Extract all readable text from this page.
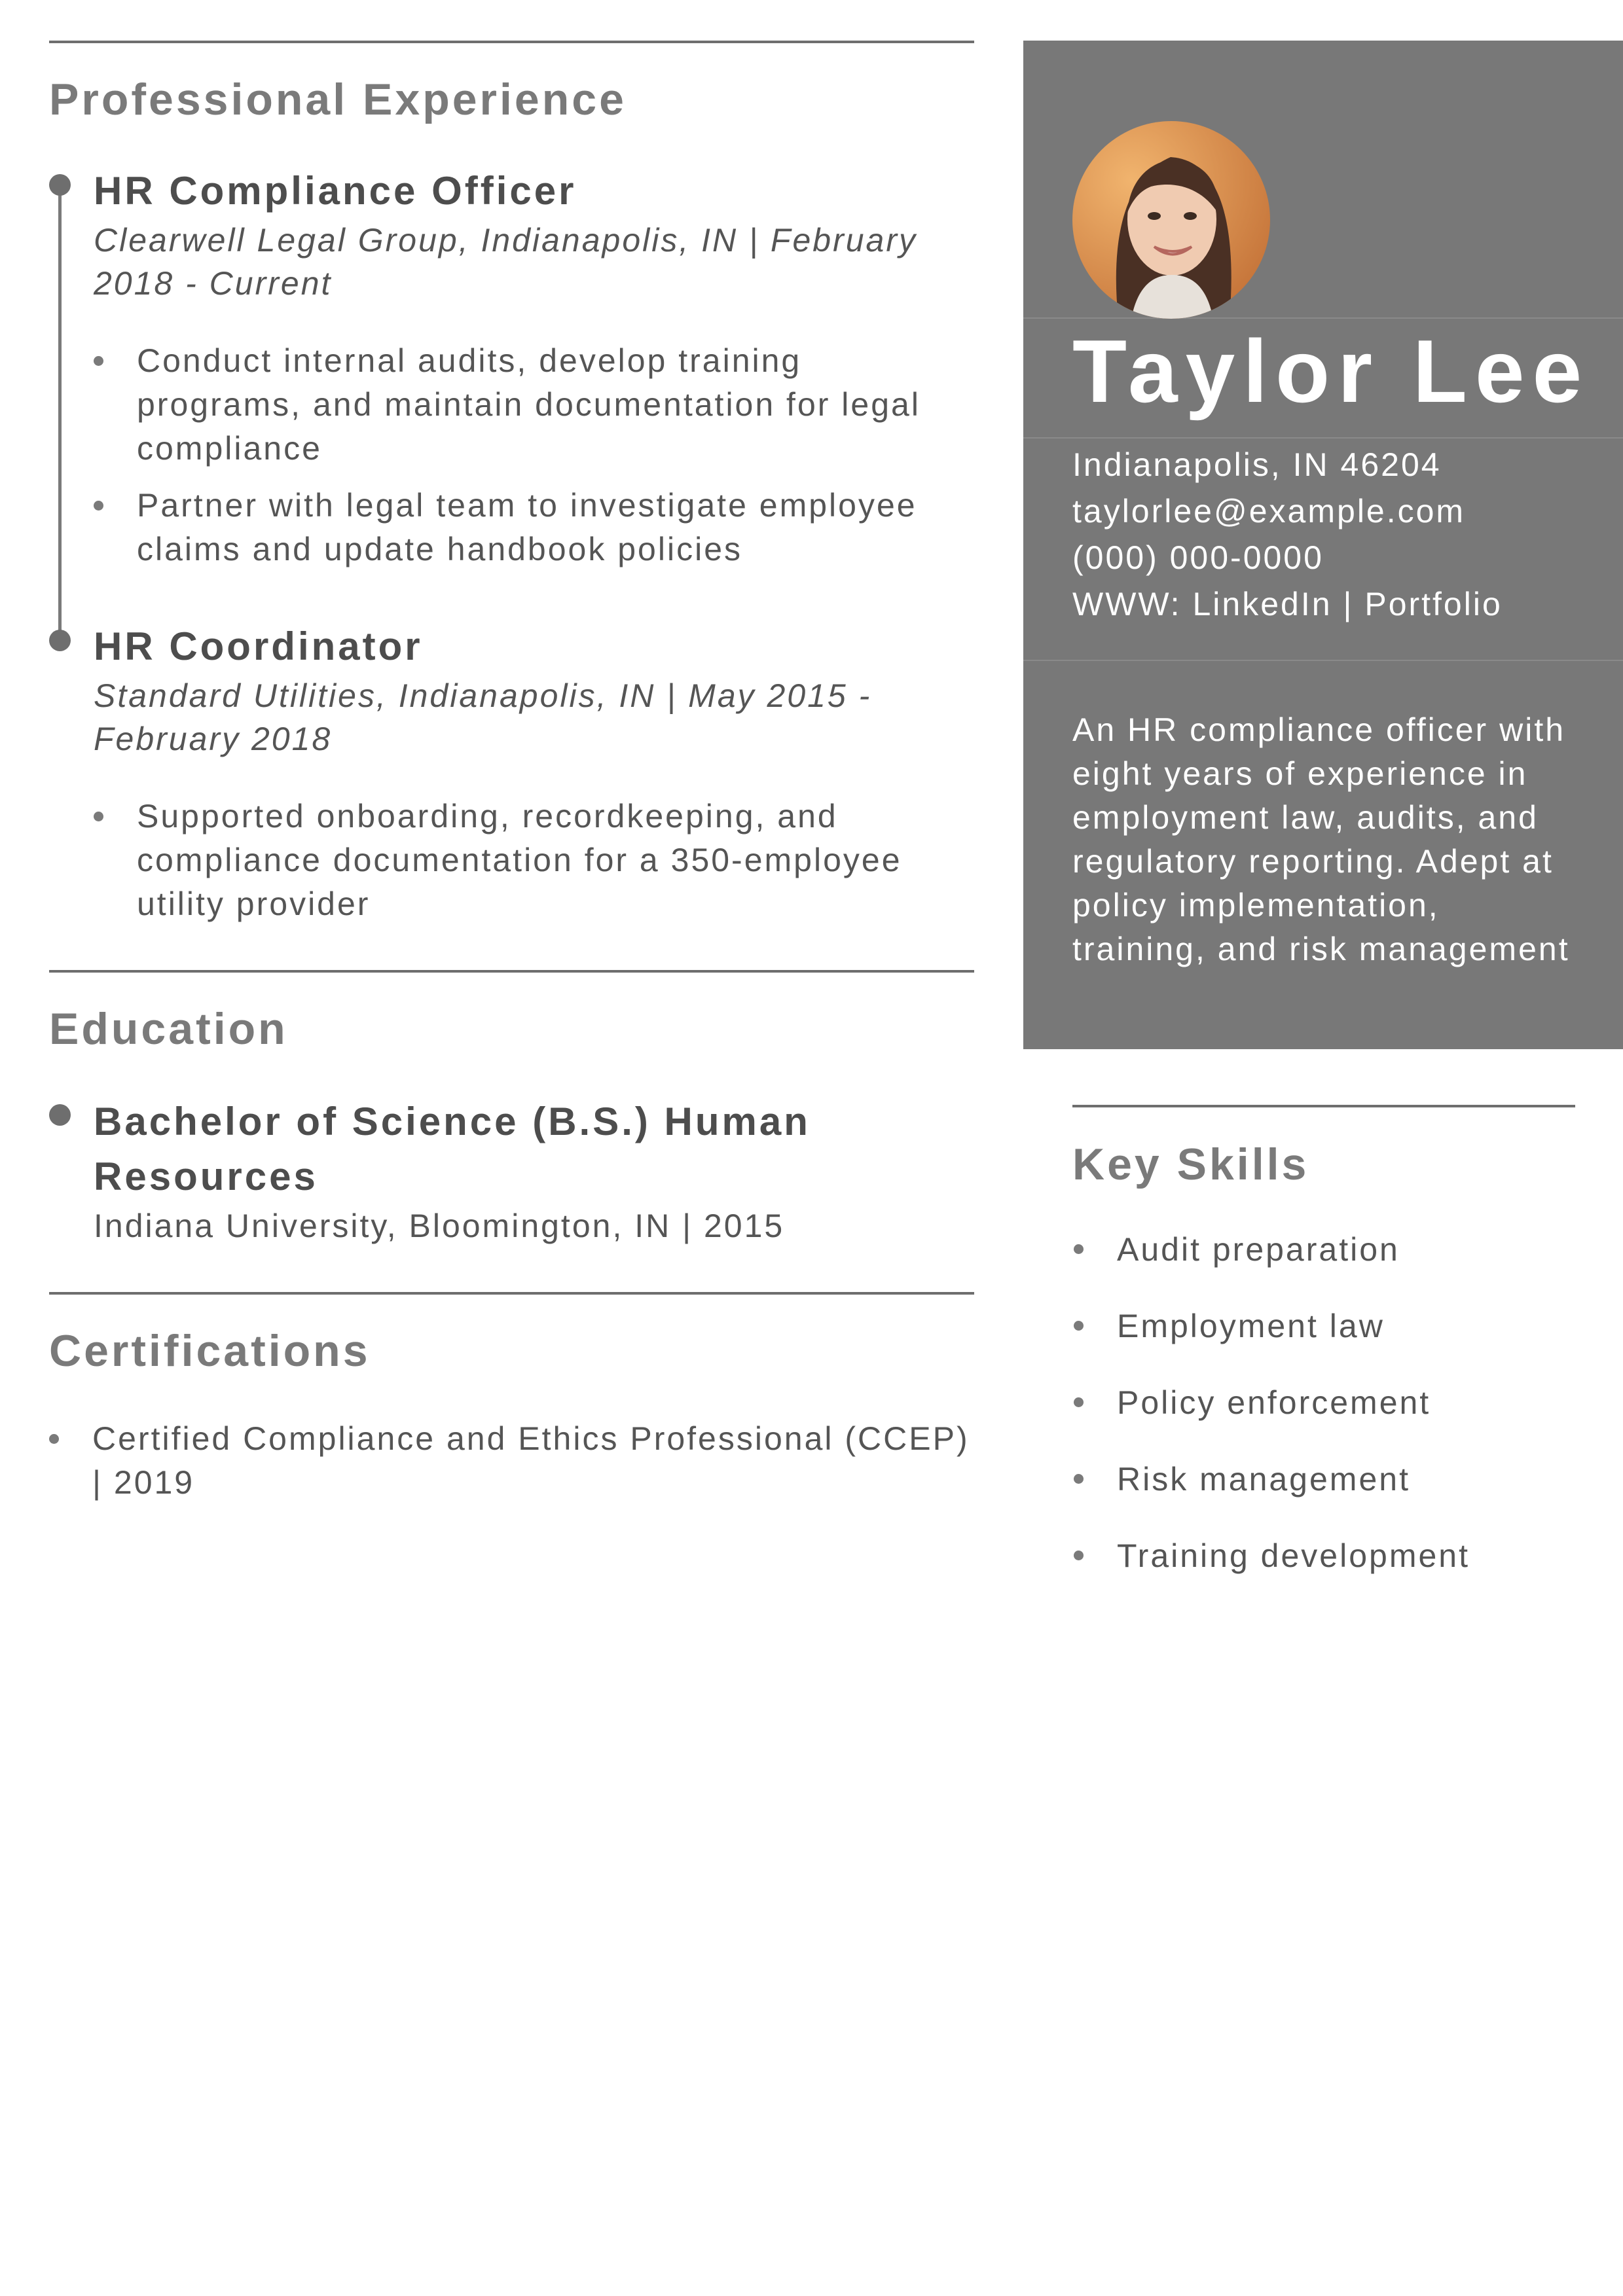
Professional Experience
HR Compliance Officer

Clearwell Legal Group, Indianapolis, IN | February

2018 - Current

Conduct internal audits, develop training programs, and maintain documentation for legal compliance
Partner with legal team to investigate employee claims and update handbook policies
HR Coordinator

Standard Utilities, Indianapolis, IN | May 2015 -

February 2018

Supported onboarding, recordkeeping, and compliance documentation for a 350-employee utility provider
Education
Bachelor of Science (B.S.) Human
Resources

Indiana University, Bloomington, IN | 2015

Certifications
Certified Compliance and Ethics Professional (CCEP) | 2019
Taylor Lee

Indianapolis, IN 46204

taylorlee@example.com

(000) 000-0000

WWW: LinkedIn | Portfolio

An HR compliance officer with eight years of experience in employment law, audits, and regulatory reporting. Adept at policy implementation, training, and risk management

Key Skills
Audit preparation
Employment law
Policy enforcement
Risk management
Training development
